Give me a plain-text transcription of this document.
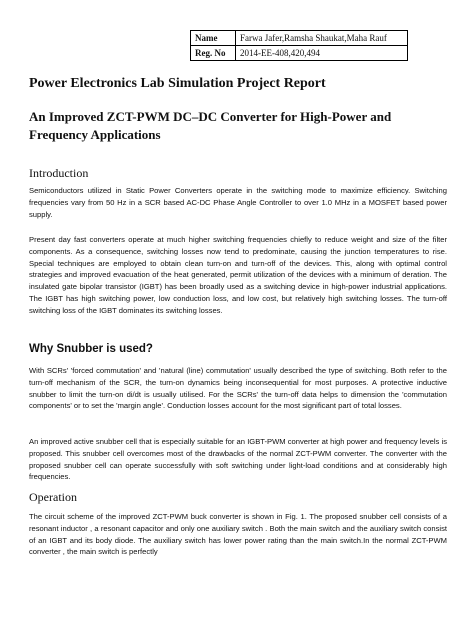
Name	Farwa Jafer,Ramsha Shaukat,Maha Rauf
Reg. No	2014-EE-408,420,494
Power Electronics Lab Simulation Project Report
An Improved ZCT-PWM DC–DC Converter for High-Power and Frequency Applications
Introduction

Semiconductors utilized in Static Power Converters operate in the switching mode to maximize efficiency. Switching frequencies vary from 50 Hz in a SCR based AC-DC Phase Angle Controller to over 1.0 MHz in a MOSFET based power supply.

Present day fast converters operate at much higher switching frequencies chiefly to reduce weight and size of the filter components. As a consequence, switching losses now tend to predominate, causing the junction temperatures to rise. Special techniques are employed to obtain clean turn-on and turn-off of the devices. This, along with optimal control strategies and improved evacuation of the heat generated, permit utilization of the devices with a minimum of deration. The insulated gate bipolar transistor (IGBT) has been broadly used as a switching device in high-power industrial applications. The IGBT has high switching power, low conduction loss, and low cost, but relatively high switching losses. The turn-off switching loss of the IGBT dominates its switching losses.

Why Snubber is used?

With SCRs' 'forced commutation' and 'natural (line) commutation' usually described the type of switching. Both refer to the turn-off mechanism of the SCR, the turn-on dynamics being inconsequential for most purposes. A protective inductive snubber to limit the turn-on di/dt is usually utilised. For the SCRs' the turn-off data helps to dimension the 'commutation components' or to set the 'margin angle'. Conduction losses account for the most significant part of total losses.

An improved active snubber cell that is especially suitable for an IGBT-PWM converter at high power and frequency levels is proposed. This snubber cell overcomes most of the drawbacks of the normal ZCT-PWM converter. The converter with the proposed snubber cell can operate successfully with soft switching under light-load conditions and at considerably high frequencies.

Operation

The circuit scheme of the improved ZCT-PWM buck converter is shown in Fig. 1. The proposed snubber cell consists of a resonant inductor , a resonant capacitor and only one auxiliary switch . Both the main switch and the auxiliary switch consist of an IGBT and its body diode. The auxiliary switch has lower power rating than the main switch.In the normal ZCT-PWM converter , the main switch is perfectly
